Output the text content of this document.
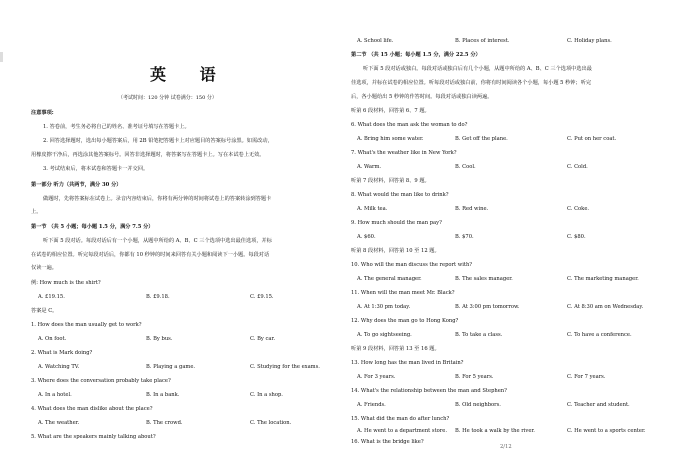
英 语
（考试时间：120 分钟 试卷满分：150 分）
注意事项:
1. 答卷前，考生务必将自己的姓名、准考证号填写在答题卡上。
2. 回答选择题时，选出每小题答案后，用 2B 铅笔把答题卡上对应题目的答案标号涂黑。如需改动，
用橡皮擦干净后，再选涂其他答案标号。回答非选择题时，将答案写在答题卡上。写在本试卷上无效。
3. 考试结束后，将本试卷和答题卡一并交回。
第一部分 听力（共两节，满分 30 分）
做题时，先将答案标在试卷上。录音内容结束后，你将有两分钟的时间将试卷上的答案转涂到答题卡
上。
第一节 （共 5 小题；每小题 1.5 分，满分 7.5 分）
听下面 5 段对话。每段对话后有一个小题，从题中所给的 A、B、C 三个选项中选出最佳选项，并标
在试卷的相应位置。听完每段对话后，你都有 10 秒钟的时间来回答有关小题和阅读下一小题。每段对话
仅读一遍。
例: How much is the shirt?
A. £19.15.	B. £9.18.	C. £9.15.
答案是 C。
1. How does the man usually get to work?
A. On foot.	B. By bus.	C. By car.
2. What is Mark doing?
A. Watching TV.	B. Playing a game.	C. Studying for the exams.
3. Where does the conversation probably take place?
A. In a hotel.	B. In a bank.	C. In a shop.
4. What does the man dislike about the place?
A. The weather.	B. The crowd.	C. The location.
5. What are the speakers mainly talking about?
A. School life.	B. Places of interest.	C. Holiday plans.
第二节 （共 15 小题；每小题 1.5 分，满分 22.5 分）
听下面 5 段对话或独白。每段对话或独白后有几个小题，从题中所给的 A、B、C 三个选项中选出最
佳选项，并标在试卷的相应位置。听每段对话或独白前，你将有时间阅读各个小题，每小题 5 秒钟；听完
后，各小题给出 5 秒钟的作答时间。每段对话或独白读两遍。
听第 6 段材料，回答第 6、7 题。
6. What does the man ask the woman to do?
A. Bring him some water.	B. Get off the plane.	C. Put on her coat.
7. What's the weather like in New York?
A. Warm.	B. Cool.	C. Cold.
听第 7 段材料，回答第 8、9 题。
8. What would the man like to drink?
A. Milk tea.	B. Red wine.	C. Coke.
9. How much should the man pay?
A. $60.	B. $70.	C. $80.
听第 8 段材料，回答第 10 至 12 题。
10. Who will the man discuss the report with?
A. The general manager.	B. The sales manager.	C. The marketing manager.
11. When will the man meet Mr. Black?
A. At 1:30 pm today.	B. At 3:00 pm tomorrow.	C. At 8:30 am on Wednesday.
12. Why does the man go to Hong Kong?
A. To go sightseeing.	B. To take a class.	C. To have a conference.
听第 9 段材料，回答第 13 至 16 题。
13. How long has the man lived in Britain?
A. For 3 years.	B. For 5 years.	C. For 7 years.
14. What's the relationship between the man and Stephen?
A. Friends.	B. Old neighbors.	C. Teacher and student.
15. What did the man do after lunch?
A. He went to a department store. B. He took a walk by the river.	C. He went to a sports center.
16. What is the bridge like?
2/12
